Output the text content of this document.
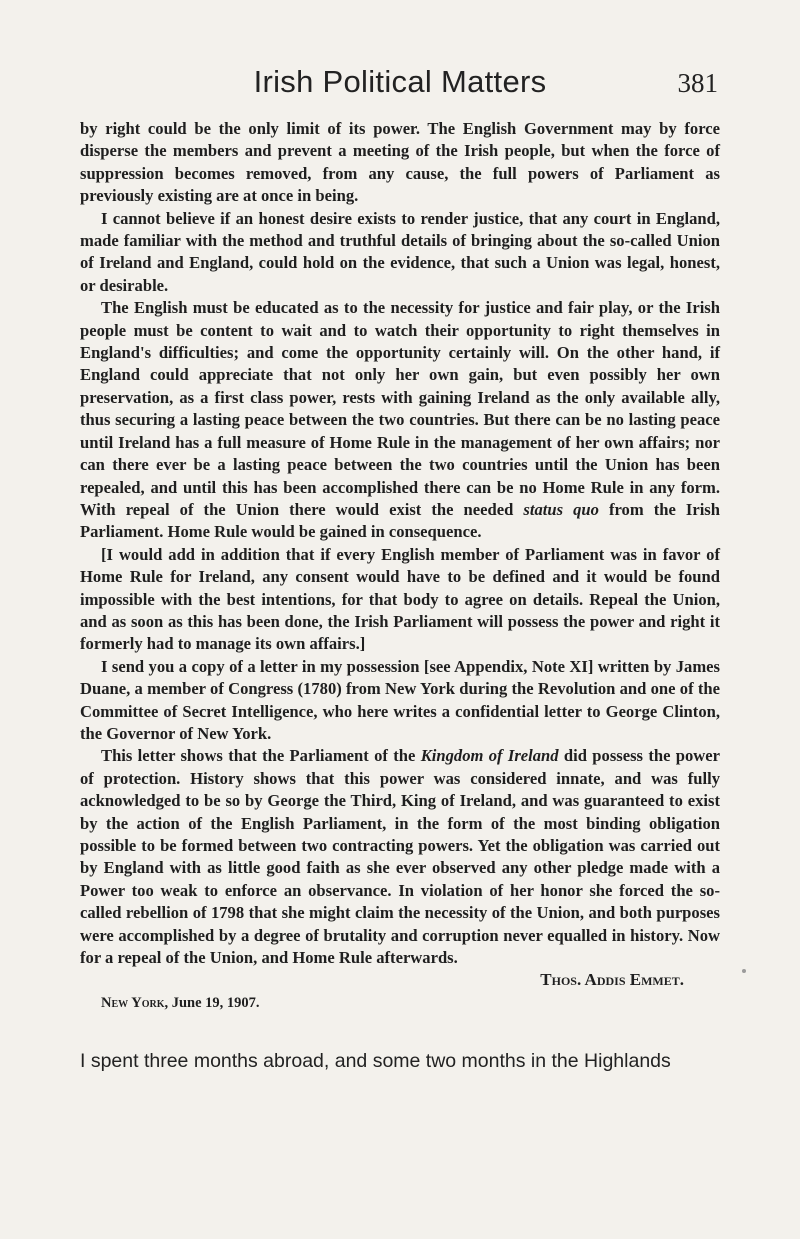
Irish Political Matters	381

by right could be the only limit of its power. The English Government may by force disperse the members and prevent a meeting of the Irish people, but when the force of suppression becomes removed, from any cause, the full powers of Parliament as previously existing are at once in being.

I cannot believe if an honest desire exists to render justice, that any court in England, made familiar with the method and truthful details of bringing about the so-called Union of Ireland and England, could hold on the evidence, that such a Union was legal, honest, or desirable.

The English must be educated as to the necessity for justice and fair play, or the Irish people must be content to wait and to watch their opportunity to right themselves in England's difficulties; and come the opportunity certainly will. On the other hand, if England could appreciate that not only her own gain, but even possibly her own preservation, as a first class power, rests with gaining Ireland as the only available ally, thus securing a lasting peace between the two countries. But there can be no lasting peace until Ireland has a full measure of Home Rule in the management of her own affairs; nor can there ever be a lasting peace between the two countries until the Union has been repealed, and until this has been accomplished there can be no Home Rule in any form. With repeal of the Union there would exist the needed status quo from the Irish Parliament. Home Rule would be gained in consequence.

[I would add in addition that if every English member of Parliament was in favor of Home Rule for Ireland, any consent would have to be defined and it would be found impossible with the best intentions, for that body to agree on details. Repeal the Union, and as soon as this has been done, the Irish Parliament will possess the power and right it formerly had to manage its own affairs.]

I send you a copy of a letter in my possession [see Appendix, Note XI] written by James Duane, a member of Congress (1780) from New York during the Revolution and one of the Committee of Secret Intelligence, who here writes a confidential letter to George Clinton, the Governor of New York.

This letter shows that the Parliament of the Kingdom of Ireland did possess the power of protection. History shows that this power was considered innate, and was fully acknowledged to be so by George the Third, King of Ireland, and was guaranteed to exist by the action of the English Parliament, in the form of the most binding obligation possible to be formed between two contracting powers. Yet the obligation was carried out by England with as little good faith as she ever observed any other pledge made with a Power too weak to enforce an observance. In violation of her honor she forced the so-called rebellion of 1798 that she might claim the necessity of the Union, and both purposes were accomplished by a degree of brutality and corruption never equalled in history. Now for a repeal of the Union, and Home Rule afterwards.

Thos. Addis Emmet.

New York, June 19, 1907.

I spent three months abroad, and some two months in the Highlands
